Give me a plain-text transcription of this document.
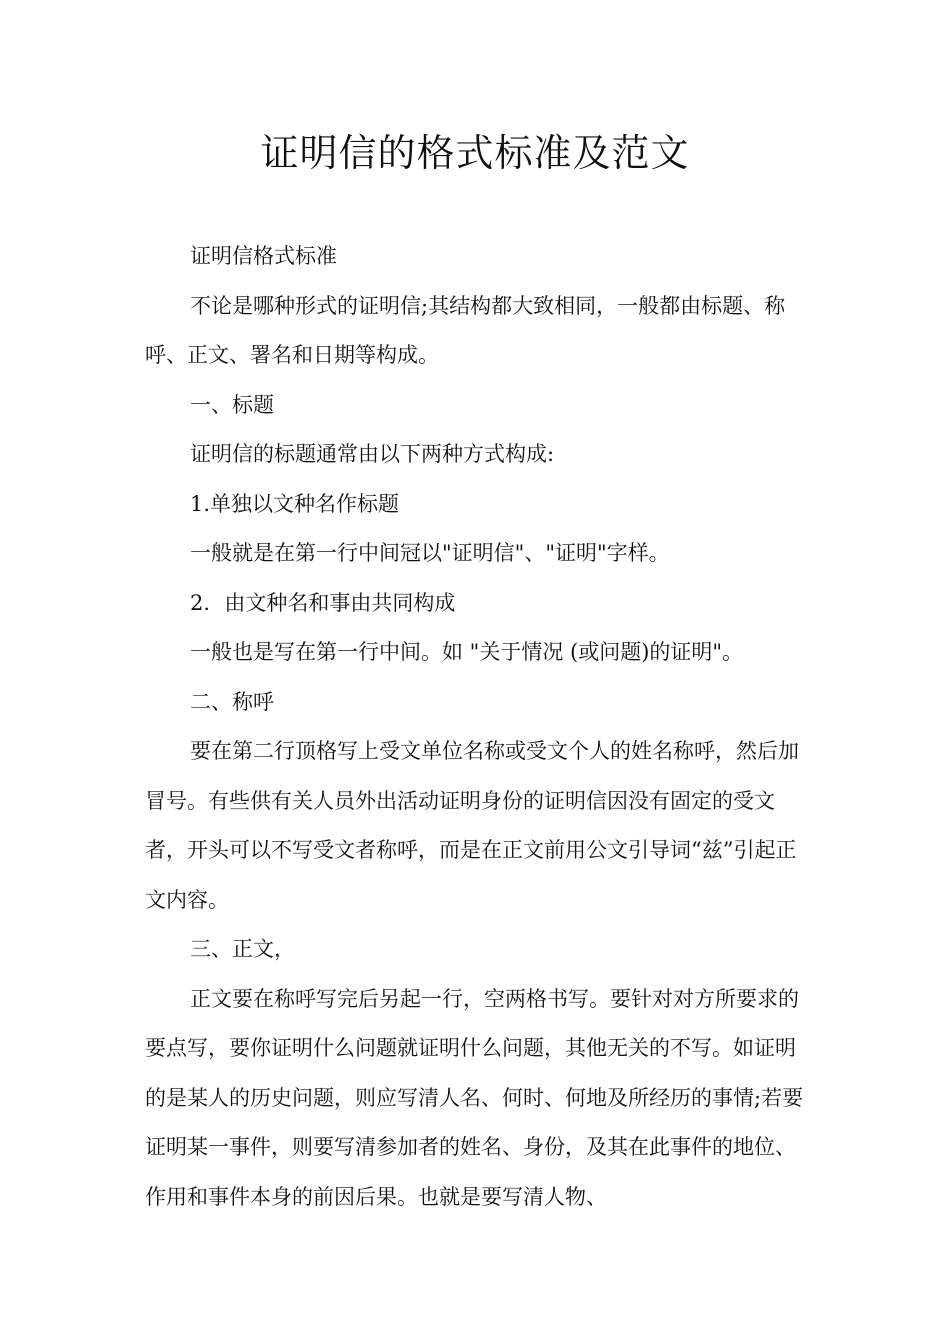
证明信的格式标准及范文

证明信格式标准

不论是哪种形式的证明信;其结构都大致相同，一般都由标题、称呼、正文、署名和日期等构成。

一、标题

证明信的标题通常由以下两种方式构成:

1.单独以文种名作标题

一般就是在第一行中间冠以"证明信"、"证明"字样。

2．由文种名和事由共同构成

一般也是写在第一行中间。如 "关于情况 (或问题)的证明"。

二、称呼

要在第二行顶格写上受文单位名称或受文个人的姓名称呼，然后加冒号。有些供有关人员外出活动证明身份的证明信因没有固定的受文者，开头可以不写受文者称呼，而是在正文前用公文引导词“兹”引起正文内容。

三、正文，

正文要在称呼写完后另起一行，空两格书写。要针对对方所要求的要点写，要你证明什么问题就证明什么问题，其他无关的不写。如证明的是某人的历史问题，则应写清人名、何时、何地及所经历的事情;若要证明某一事件，则要写清参加者的姓名、身份，及其在此事件的地位、作用和事件本身的前因后果。也就是要写清人物、
